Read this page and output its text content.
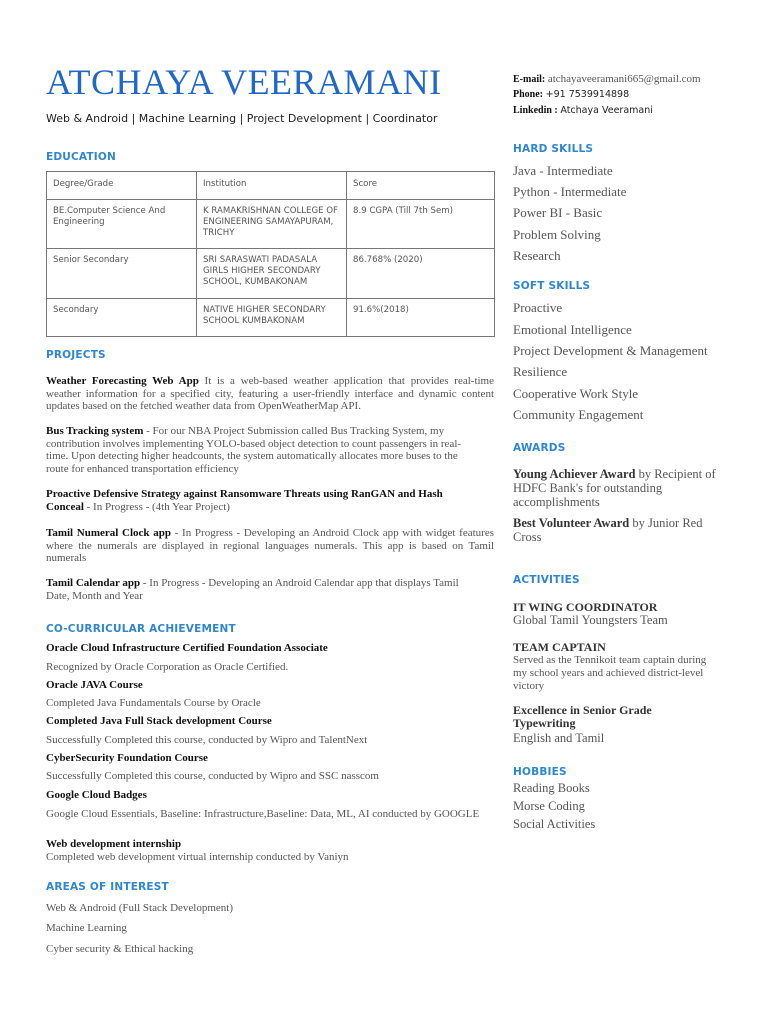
ATCHAYA VEERAMANI
Web & Android | Machine Learning | Project Development | Coordinator
E-mail: atchayaveeramani665@gmail.com
Phone: +91 7539914898
Linkedin : Atchaya Veeramani
EDUCATION
Degree/Grade	Institution	Score
BE.Computer Science And Engineering	K RAMAKRISHNAN COLLEGE OF ENGINEERING SAMAYAPURAM, TRICHY	8.9 CGPA (Till 7th Sem)
Senior Secondary	SRI SARASWATI PADASALA GIRLS HIGHER SECONDARY SCHOOL, KUMBAKONAM	86.768% (2020)
Secondary	NATIVE HIGHER SECONDARY SCHOOL KUMBAKONAM	91.6%(2018)
PROJECTS
Weather Forecasting Web App It is a web-based weather application that provides real-time weather information for a specified city, featuring a user-friendly interface and dynamic content updates based on the fetched weather data from OpenWeatherMap API.
Bus Tracking system - For our NBA Project Submission called Bus Tracking System, my contribution involves implementing YOLO-based object detection to count passengers in real-time. Upon detecting higher headcounts, the system automatically allocates more buses to the route for enhanced transportation efficiency
Proactive Defensive Strategy against Ransomware Threats using RanGAN and Hash Conceal - In Progress - (4th Year Project)
Tamil Numeral Clock app - In Progress - Developing an Android Clock app with widget features where the numerals are displayed in regional languages numerals. This app is based on Tamil numerals
Tamil Calendar app - In Progress - Developing an Android Calendar app that displays Tamil Date, Month and Year
CO-CURRICULAR ACHIEVEMENT
Oracle Cloud Infrastructure Certified Foundation Associate
Recognized by Oracle Corporation as Oracle Certified.
Oracle JAVA Course
Completed Java Fundamentals Course by Oracle
Completed Java Full Stack development Course
Successfully Completed this course, conducted by Wipro and TalentNext
CyberSecurity Foundation Course
Successfully Completed this course, conducted by Wipro and SSC nasscom
Google Cloud Badges
Google Cloud Essentials, Baseline: Infrastructure,Baseline: Data, ML, AI conducted by GOOGLE
Web development internship
Completed web development virtual internship conducted by Vaniyn
AREAS OF INTEREST
Web & Android (Full Stack Development)
Machine Learning
Cyber security & Ethical hacking
HARD SKILLS
Java - Intermediate
Python - Intermediate
Power BI - Basic
Problem Solving
Research
SOFT SKILLS
Proactive
Emotional Intelligence
Project Development & Management
Resilience
Cooperative Work Style
Community Engagement
AWARDS
Young Achiever Award by Recipient of HDFC Bank's for outstanding accomplishments
Best Volunteer Award by Junior Red Cross
ACTIVITIES
IT WING COORDINATOR
Global Tamil Youngsters Team
TEAM CAPTAIN
Served as the Tennikoit team captain during my school years and achieved district-level victory
Excellence in Senior Grade Typewriting
English and Tamil
HOBBIES
Reading Books
Morse Coding
Social Activities
